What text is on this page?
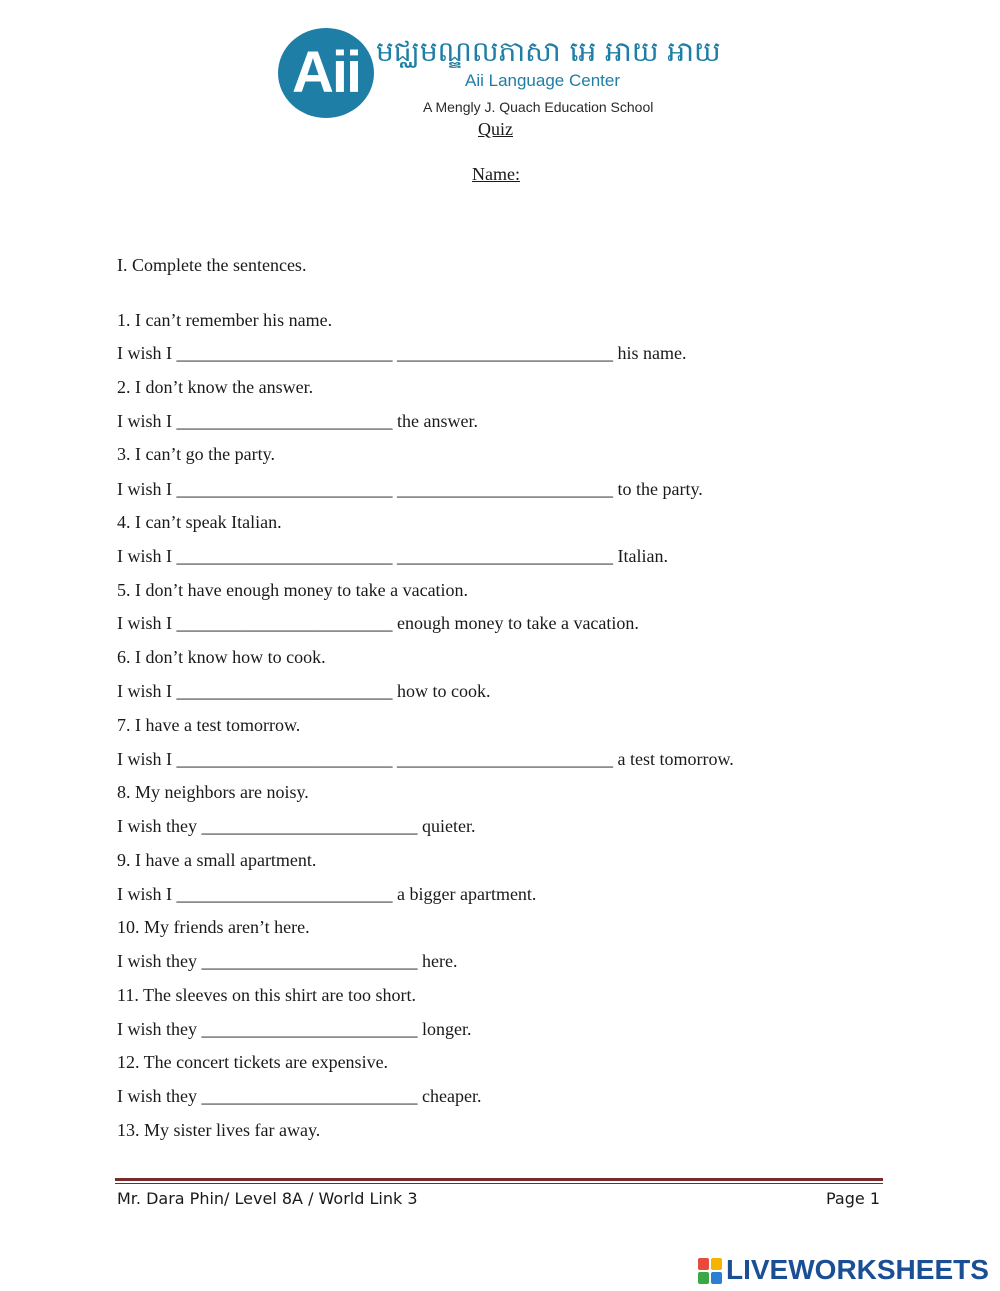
Aii មជ្ឈមណ្ឌលភាសា អេ អាយ អាយ
Aii Language Center
A Mengly J. Quach Education School
Quiz
Name:
I. Complete the sentences.
1. I can’t remember his name.
I wish I ________________________ ________________________ his name.
2. I don’t know the answer.
I wish I ________________________ the answer.
3. I can’t go the party.
I wish I ________________________ ________________________ to the party.
4. I can’t speak Italian.
I wish I ________________________ ________________________ Italian.
5. I don’t have enough money to take a vacation.
I wish I ________________________ enough money to take a vacation.
6. I don’t know how to cook.
I wish I ________________________ how to cook.
7. I have a test tomorrow.
I wish I ________________________ ________________________ a test tomorrow.
8. My neighbors are noisy.
I wish they ________________________ quieter.
9. I have a small apartment.
I wish I ________________________ a bigger apartment.
10. My friends aren’t here.
I wish they ________________________ here.
11. The sleeves on this shirt are too short.
I wish they ________________________ longer.
12. The concert tickets are expensive.
I wish they ________________________ cheaper.
13. My sister lives far away.
Mr. Dara Phin/ Level 8A / World Link 3	Page 1
LIVEWORKSHEETS
